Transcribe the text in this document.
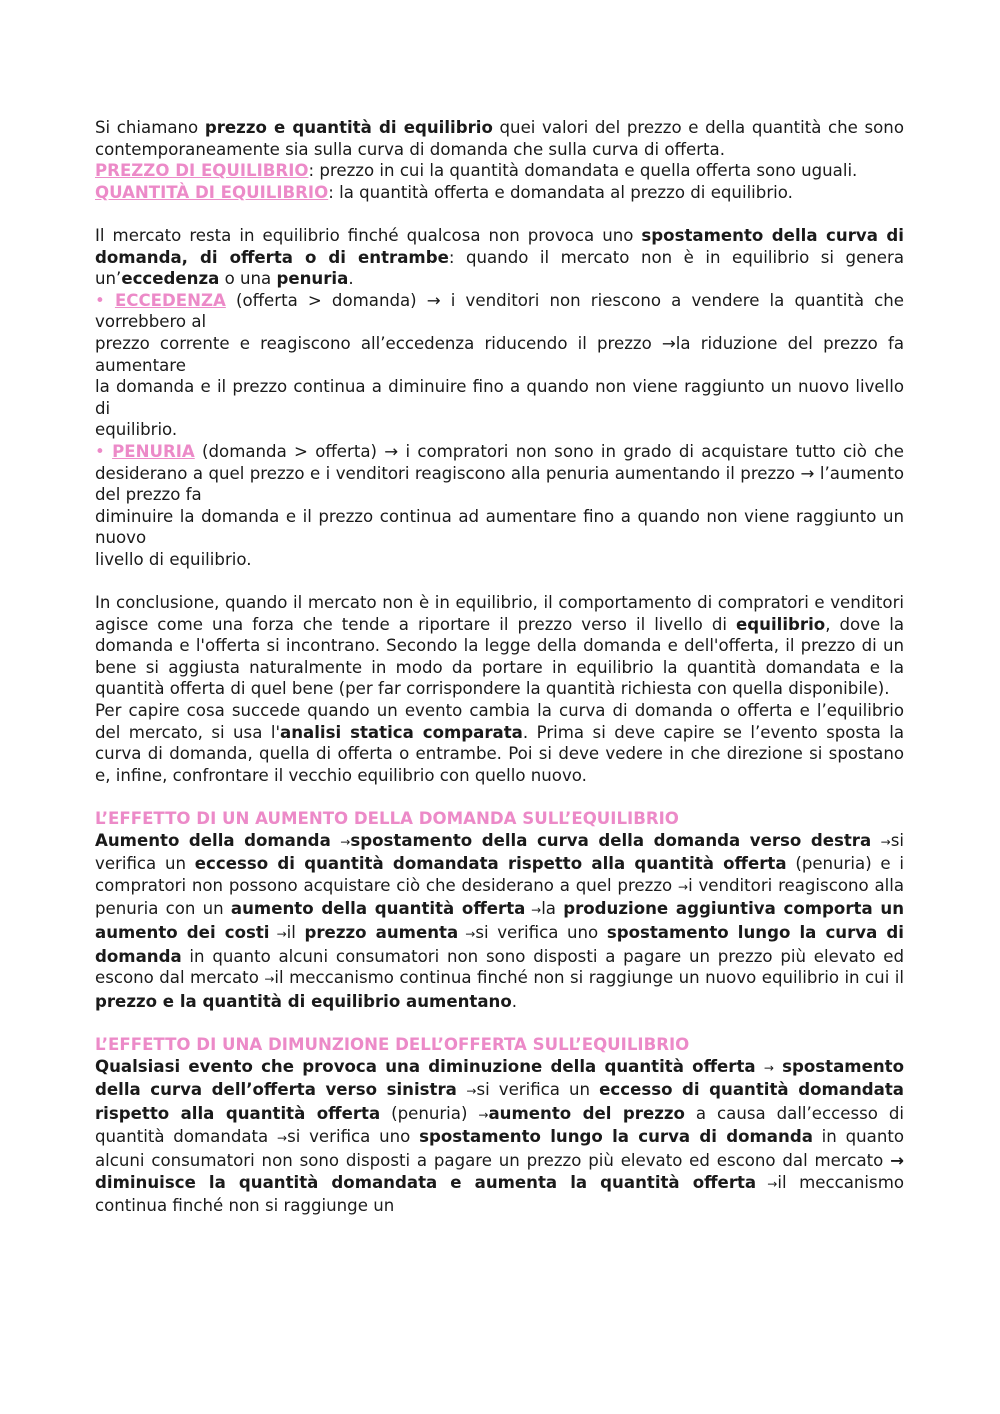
Si chiamano prezzo e quantità di equilibrio quei valori del prezzo e della quantità che sono contemporaneamente sia sulla curva di domanda che sulla curva di offerta.

PREZZO DI EQUILIBRIO: prezzo in cui la quantità domandata e quella offerta sono uguali.

QUANTITÀ DI EQUILIBRIO: la quantità offerta e domandata al prezzo di equilibrio.

Il mercato resta in equilibrio finché qualcosa non provoca uno spostamento della curva di domanda, di offerta o di entrambe: quando il mercato non è in equilibrio si genera un’eccedenza o una penuria.

• ECCEDENZA (offerta > domanda) → i venditori non riescono a vendere la quantità che vorrebbero al

prezzo corrente e reagiscono all’eccedenza riducendo il prezzo →la riduzione del prezzo fa aumentare

la domanda e il prezzo continua a diminuire fino a quando non viene raggiunto un nuovo livello di

equilibrio.

• PENURIA (domanda > offerta) → i compratori non sono in grado di acquistare tutto ciò che desiderano a quel prezzo e i venditori reagiscono alla penuria aumentando il prezzo → l’aumento del prezzo fa

diminuire la domanda e il prezzo continua ad aumentare fino a quando non viene raggiunto un nuovo

livello di equilibrio.

In conclusione, quando il mercato non è in equilibrio, il comportamento di compratori e venditori agisce come una forza che tende a riportare il prezzo verso il livello di equilibrio, dove la domanda e l'offerta si incontrano. Secondo la legge della domanda e dell'offerta, il prezzo di un bene si aggiusta naturalmente in modo da portare in equilibrio la quantità domandata e la quantità offerta di quel bene (per far corrispondere la quantità richiesta con quella disponibile).

Per capire cosa succede quando un evento cambia la curva di domanda o offerta e l’equilibrio del mercato, si usa l'analisi statica comparata. Prima si deve capire se l’evento sposta la curva di domanda, quella di offerta o entrambe. Poi si deve vedere in che direzione si spostano e, infine, confrontare il vecchio equilibrio con quello nuovo.

L’EFFETTO DI UN AUMENTO DELLA DOMANDA SULL’EQUILIBRIO

Aumento della domanda →spostamento della curva della domanda verso destra →si verifica un eccesso di quantità domandata rispetto alla quantità offerta (penuria) e i compratori non possono acquistare ciò che desiderano a quel prezzo →i venditori reagiscono alla penuria con un aumento della quantità offerta →la produzione aggiuntiva comporta un aumento dei costi →il prezzo aumenta →si verifica uno spostamento lungo la curva di domanda in quanto alcuni consumatori non sono disposti a pagare un prezzo più elevato ed escono dal mercato →il meccanismo continua finché non si raggiunge un nuovo equilibrio in cui il prezzo e la quantità di equilibrio aumentano.

L’EFFETTO DI UNA DIMUNZIONE DELL’OFFERTA SULL’EQUILIBRIO

Qualsiasi evento che provoca una diminuzione della quantità offerta → spostamento della curva dell’offerta verso sinistra →si verifica un eccesso di quantità domandata rispetto alla quantità offerta (penuria) →aumento del prezzo a causa dall’eccesso di quantità domandata →si verifica uno spostamento lungo la curva di domanda in quanto alcuni consumatori non sono disposti a pagare un prezzo più elevato ed escono dal mercato → diminuisce la quantità domandata e aumenta la quantità offerta →il meccanismo continua finché non si raggiunge un
